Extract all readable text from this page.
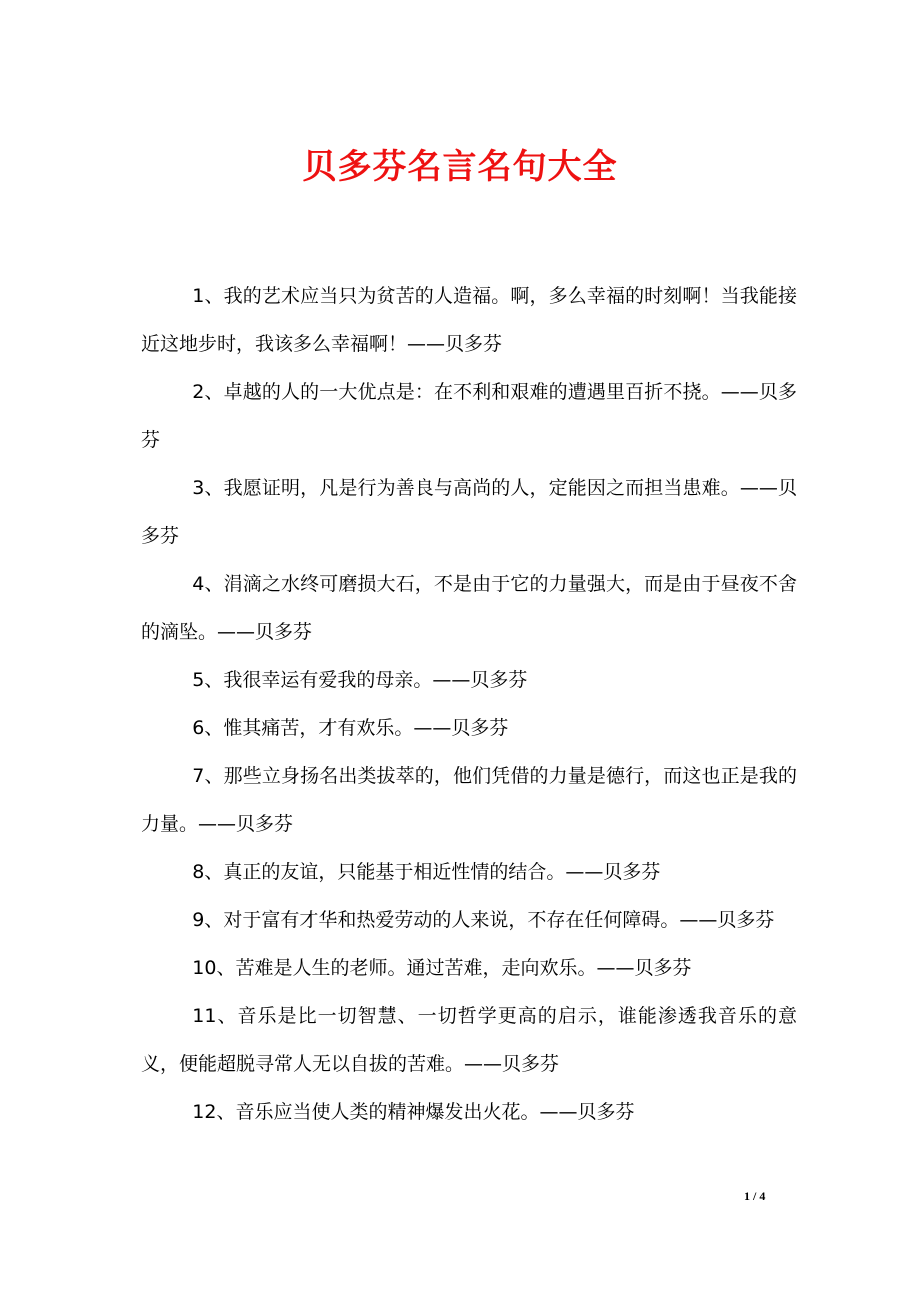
贝多芬名言名句大全

1、我的艺术应当只为贫苦的人造福。啊，多么幸福的时刻啊！当我能接近这地步时，我该多么幸福啊！——贝多芬

2、卓越的人的一大优点是：在不利和艰难的遭遇里百折不挠。——贝多芬

3、我愿证明，凡是行为善良与高尚的人，定能因之而担当患难。——贝多芬

4、涓滴之水终可磨损大石，不是由于它的力量强大，而是由于昼夜不舍的滴坠。——贝多芬

5、我很幸运有爱我的母亲。——贝多芬

6、惟其痛苦，才有欢乐。——贝多芬

7、那些立身扬名出类拔萃的，他们凭借的力量是德行，而这也正是我的力量。——贝多芬

8、真正的友谊，只能基于相近性情的结合。——贝多芬

9、对于富有才华和热爱劳动的人来说，不存在任何障碍。——贝多芬

10、苦难是人生的老师。通过苦难，走向欢乐。——贝多芬

11、音乐是比一切智慧、一切哲学更高的启示，谁能渗透我音乐的意义，便能超脱寻常人无以自拔的苦难。——贝多芬

12、音乐应当使人类的精神爆发出火花。——贝多芬

1 / 4
